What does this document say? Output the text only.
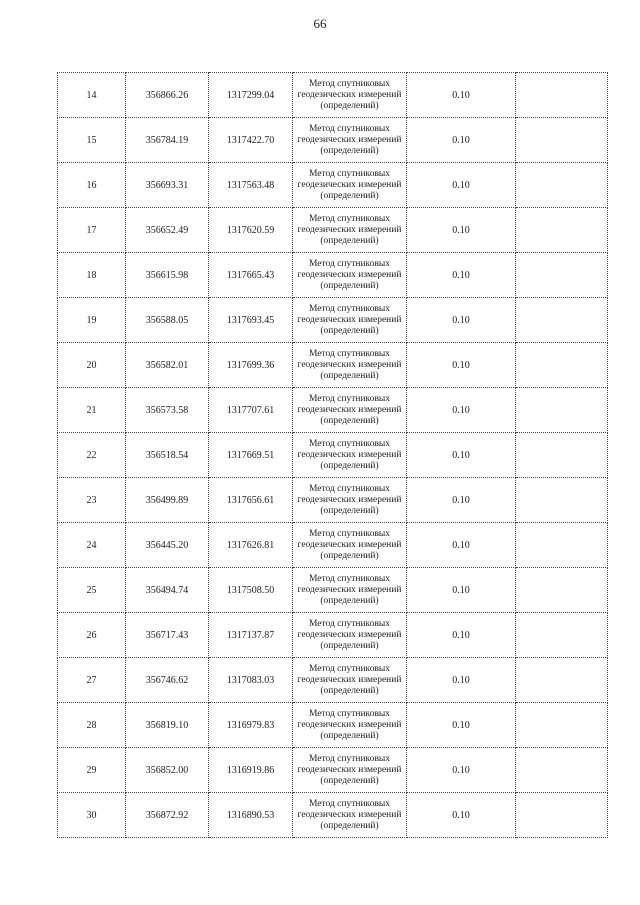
66
14	356866.26	1317299.04	Метод спутниковых
геодезических измерений
(определений)	0.10	
15	356784.19	1317422.70	Метод спутниковых
геодезических измерений
(определений)	0.10	
16	356693.31	1317563.48	Метод спутниковых
геодезических измерений
(определений)	0.10	
17	356652.49	1317620.59	Метод спутниковых
геодезических измерений
(определений)	0.10	
18	356615.98	1317665.43	Метод спутниковых
геодезических измерений
(определений)	0.10	
19	356588.05	1317693.45	Метод спутниковых
геодезических измерений
(определений)	0.10	
20	356582.01	1317699.36	Метод спутниковых
геодезических измерений
(определений)	0.10	
21	356573.58	1317707.61	Метод спутниковых
геодезических измерений
(определений)	0.10	
22	356518.54	1317669.51	Метод спутниковых
геодезических измерений
(определений)	0.10	
23	356499.89	1317656.61	Метод спутниковых
геодезических измерений
(определений)	0.10	
24	356445.20	1317626.81	Метод спутниковых
геодезических измерений
(определений)	0.10	
25	356494.74	1317508.50	Метод спутниковых
геодезических измерений
(определений)	0.10	
26	356717.43	1317137.87	Метод спутниковых
геодезических измерений
(определений)	0.10	
27	356746.62	1317083.03	Метод спутниковых
геодезических измерений
(определений)	0.10	
28	356819.10	1316979.83	Метод спутниковых
геодезических измерений
(определений)	0.10	
29	356852.00	1316919.86	Метод спутниковых
геодезических измерений
(определений)	0.10	
30	356872.92	1316890.53	Метод спутниковых
геодезических измерений
(определений)	0.10	
